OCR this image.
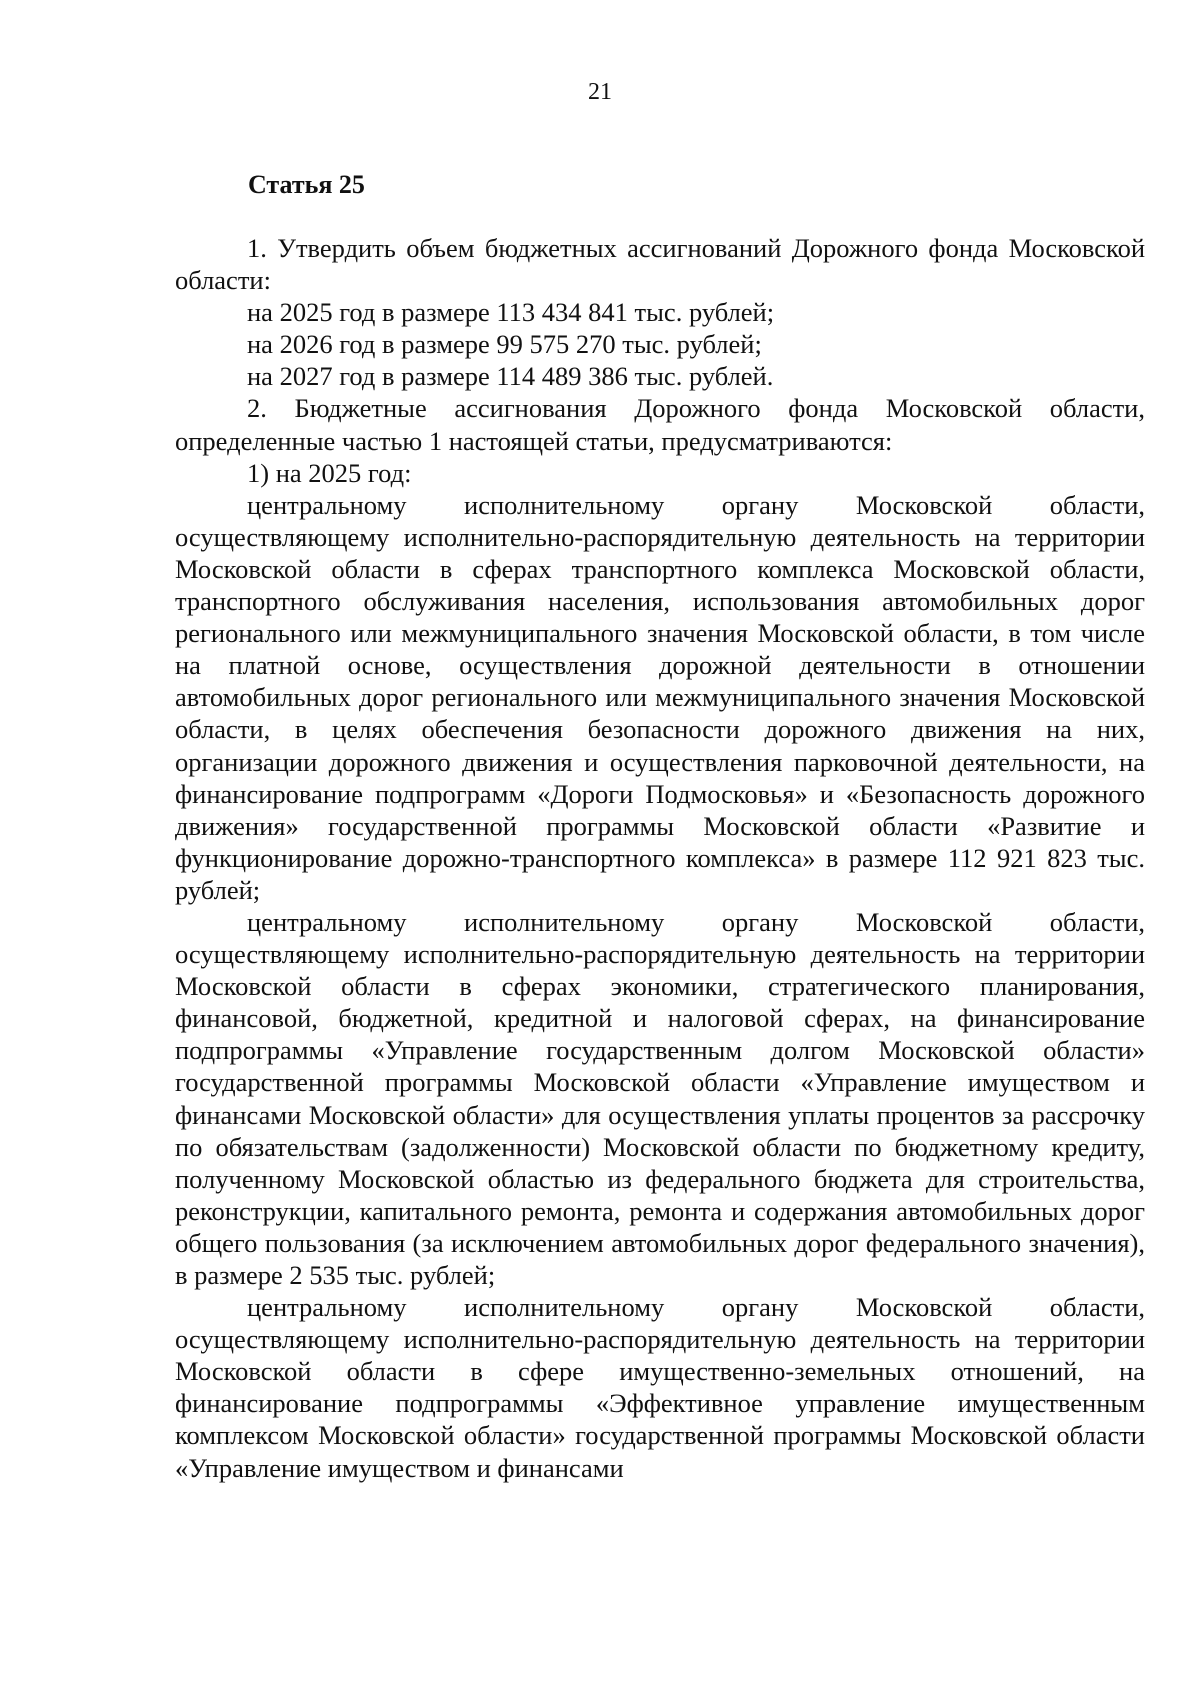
21
Статья 25

1. Утвердить объем бюджетных ассигнований Дорожного фонда Московской области:

на 2025 год в размере 113 434 841 тыс. рублей;

на 2026 год в размере 99 575 270 тыс. рублей;

на 2027 год в размере 114 489 386 тыс. рублей.

2. Бюджетные ассигнования Дорожного фонда Московской области, определенные частью 1 настоящей статьи, предусматриваются:

1) на 2025 год:

центральному исполнительному органу Московской области, осуществляющему исполнительно-распорядительную деятельность на территории Московской области в сферах транспортного комплекса Московской области, транспортного обслуживания населения, использования автомобильных дорог регионального или межмуниципального значения Московской области, в том числе на платной основе, осуществления дорожной деятельности в отношении автомобильных дорог регионального или межмуниципального значения Московской области, в целях обеспечения безопасности дорожного движения на них, организации дорожного движения и осуществления парковочной деятельности, на финансирование подпрограмм «Дороги Подмосковья» и «Безопасность дорожного движения» государственной программы Московской области «Развитие и функционирование дорожно-транспортного комплекса» в размере 112 921 823 тыс. рублей;

центральному исполнительному органу Московской области, осуществляющему исполнительно-распорядительную деятельность на территории Московской области в сферах экономики, стратегического планирования, финансовой, бюджетной, кредитной и налоговой сферах, на финансирование подпрограммы «Управление государственным долгом Московской области» государственной программы Московской области «Управление имуществом и финансами Московской области» для осуществления уплаты процентов за рассрочку по обязательствам (задолженности) Московской области по бюджетному кредиту, полученному Московской областью из федерального бюджета для строительства, реконструкции, капитального ремонта, ремонта и содержания автомобильных дорог общего пользования (за исключением автомобильных дорог федерального значения), в размере 2 535 тыс. рублей;

центральному исполнительному органу Московской области, осуществляющему исполнительно-распорядительную деятельность на территории Московской области в сфере имущественно-земельных отношений, на финансирование подпрограммы «Эффективное управление имущественным комплексом Московской области» государственной программы Московской области «Управление имуществом и финансами
